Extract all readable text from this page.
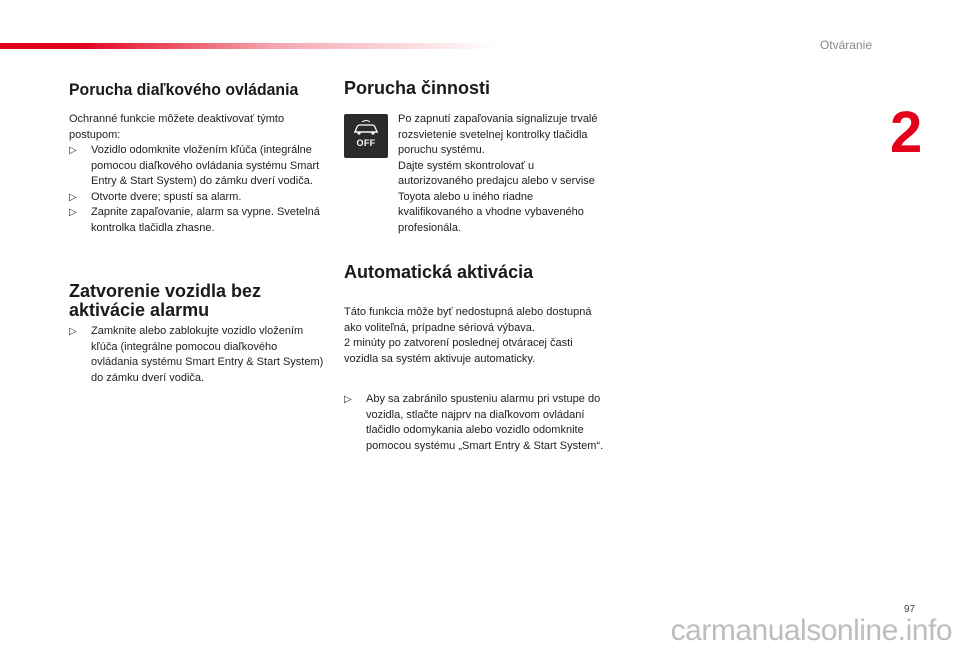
Otváranie
2
Porucha diaľkového ovládania

Ochranné funkcie môžete deaktivovať týmto postupom:

▷ Vozidlo odomknite vložením kľúča (integrálne pomocou diaľkového ovládania systému Smart Entry & Start System) do zámku dverí vodiča.
▷ Otvorte dvere; spustí sa alarm.
▷ Zapnite zapaľovanie, alarm sa vypne. Svetelná kontrolka tlačidla zhasne.
Zatvorenie vozidla bez aktivácie alarmu
▷ Zamknite alebo zablokujte vozidlo vložením kľúča (integrálne pomocou diaľkového ovládania systému Smart Entry & Start System) do zámku dverí vodiča.
Porucha činnosti
OFF

Po zapnutí zapaľovania signalizuje trvalé rozsvietenie svetelnej kontrolky tlačidla poruchu systému.
Dajte systém skontrolovať u autorizovaného predajcu alebo v servise Toyota alebo u iného riadne kvalifikovaného a vhodne vybaveného profesionála.

Automatická aktivácia

Táto funkcia môže byť nedostupná alebo dostupná ako voliteľná, prípadne sériová výbava.
2 minúty po zatvorení poslednej otváracej časti vozidla sa systém aktivuje automaticky.

▷ Aby sa zabránilo spusteniu alarmu pri vstupe do vozidla, stlačte najprv na diaľkovom ovládaní tlačidlo odomykania alebo vozidlo odomknite pomocou systému „Smart Entry & Start System“.
97
carmanualsonline.info
